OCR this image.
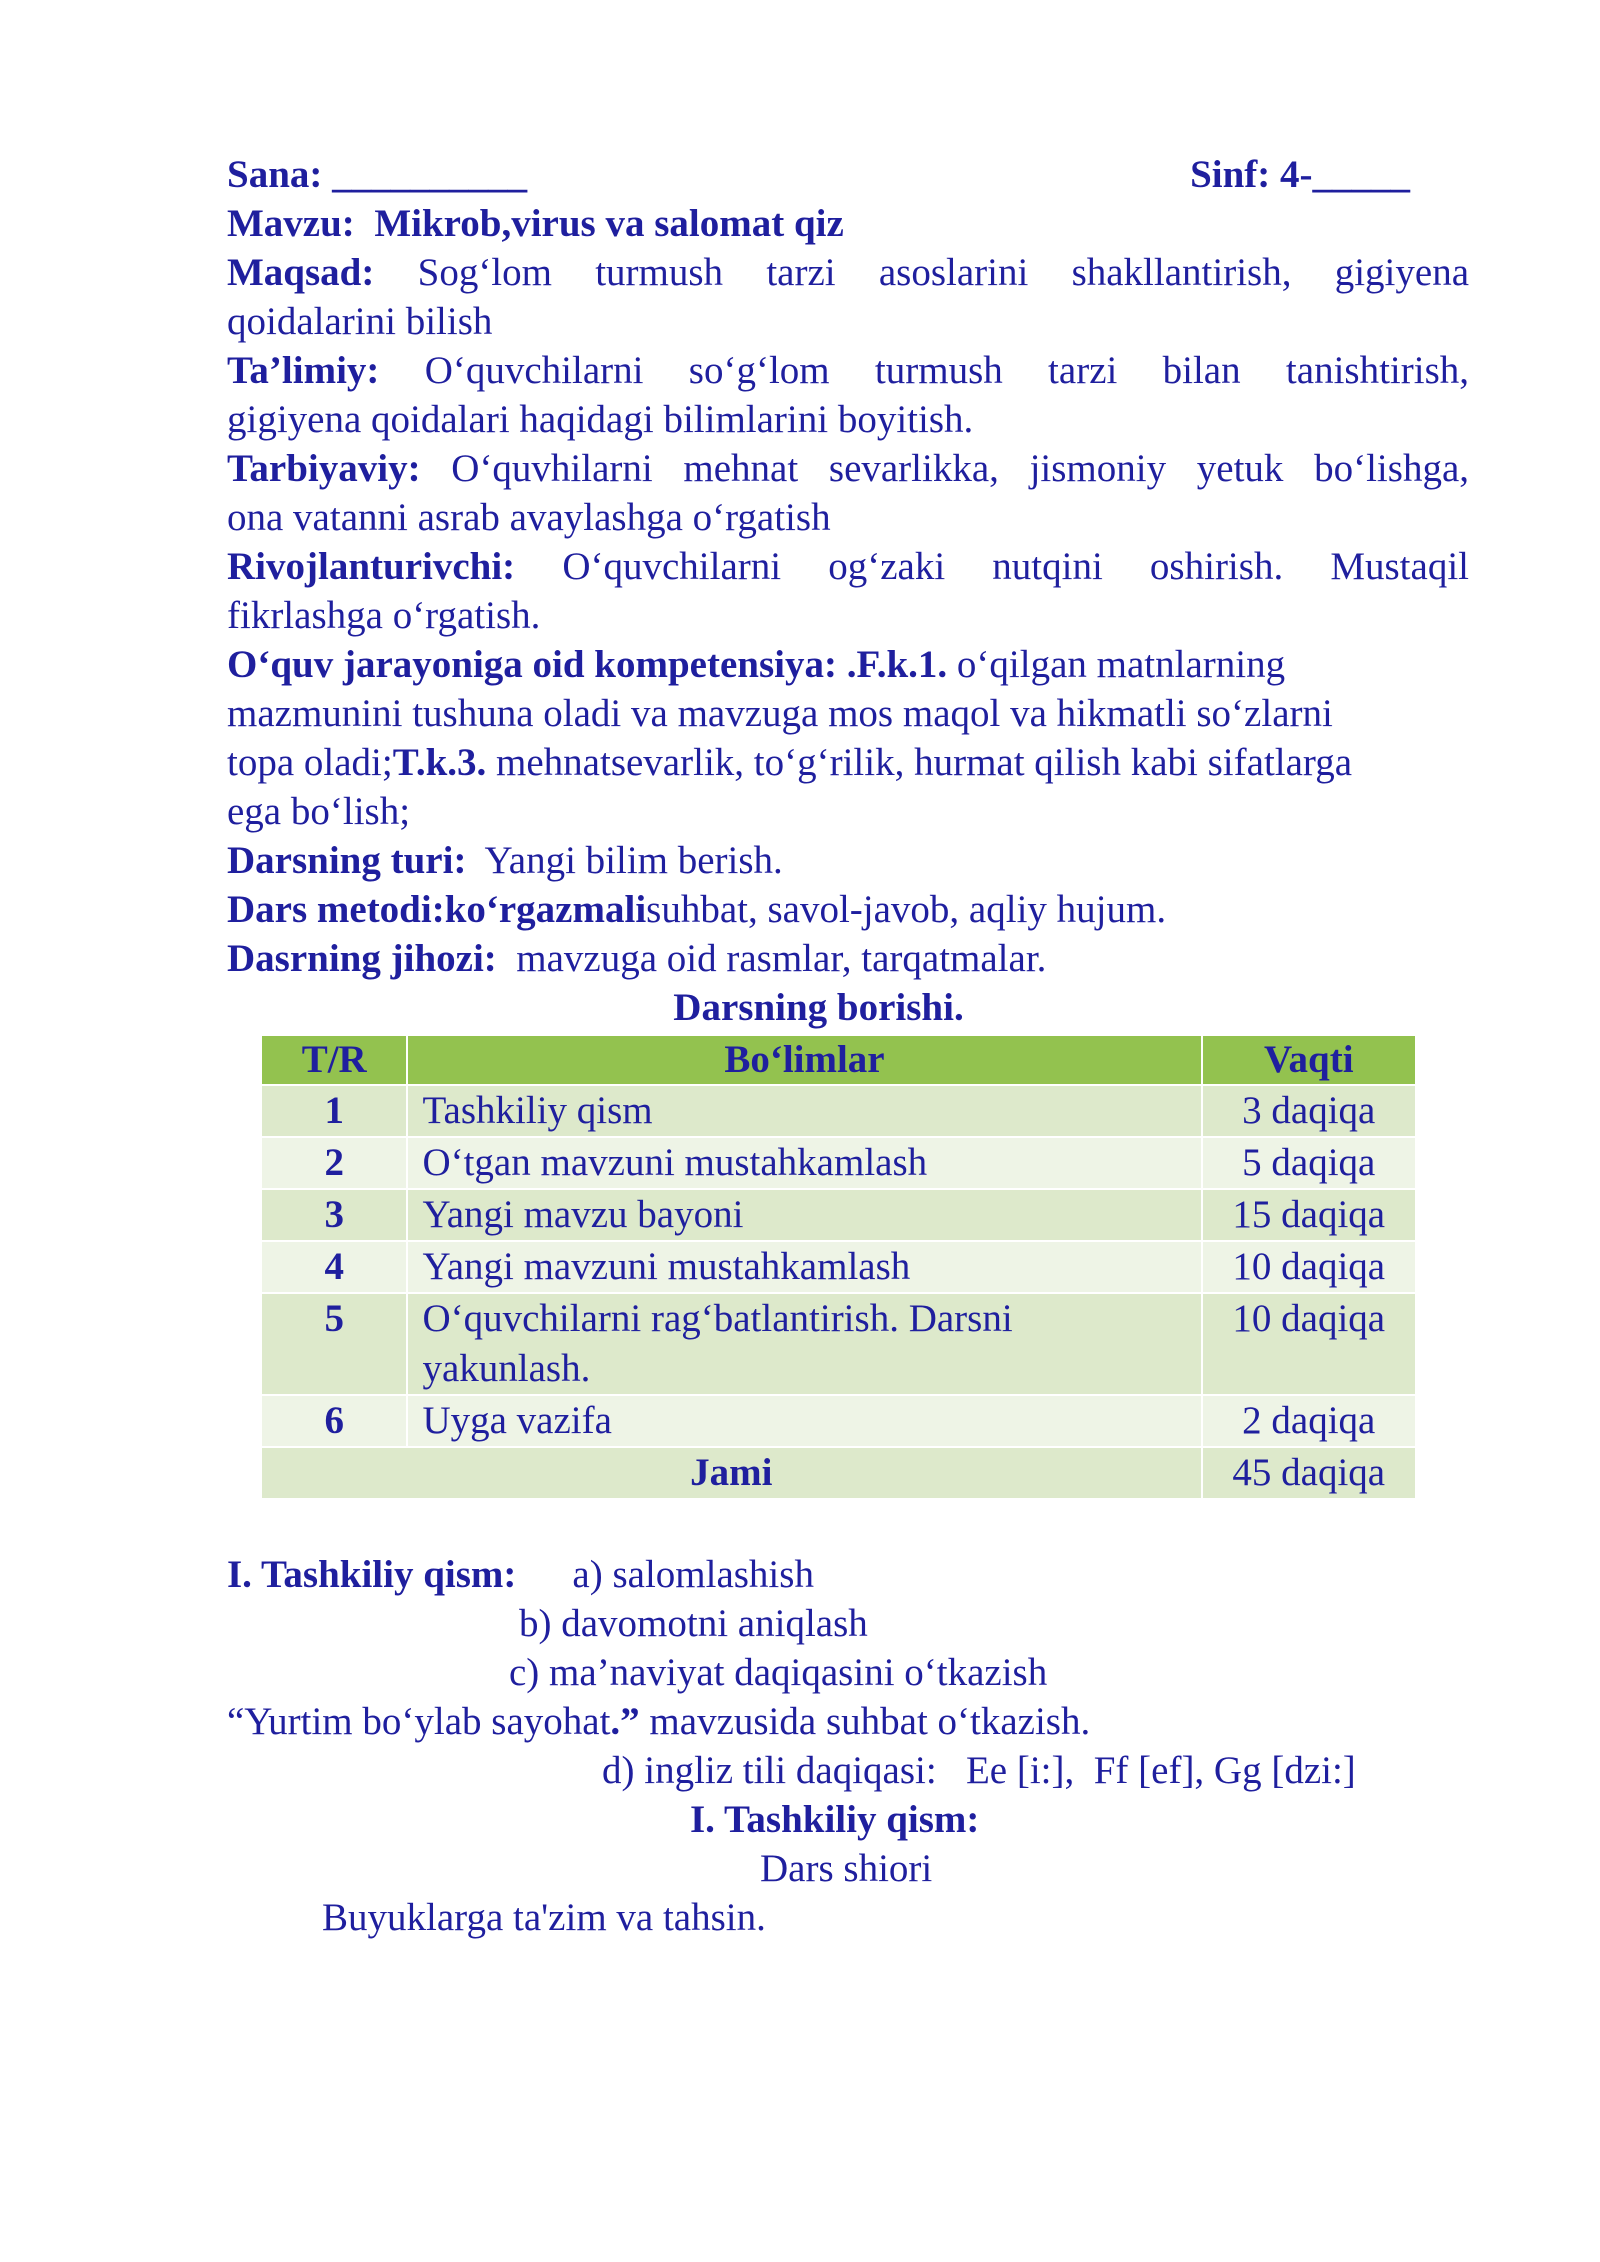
Sana: __________	Sinf: 4-_____
Mavzu: Mikrob,virus va salomat qiz
Maqsad: Sog‘lom turmush tarzi asoslarini shakllantirish, gigiyena
qoidalarini bilish
Ta’limiy: O‘quvchilarni so‘g‘lom turmush tarzi bilan tanishtirish,
gigiyena qoidalari haqidagi bilimlarini boyitish.
Tarbiyaviy: O‘quvhilarni mehnat sevarlikka, jismoniy yetuk bo‘lishga,
ona vatanni asrab avaylashga o‘rgatish
Rivojlanturivchi: O‘quvchilarni og‘zaki nutqini oshirish. Mustaqil
fikrlashga o‘rgatish.
O‘quv jarayoniga oid kompetensiya: .F.k.1. o‘qilgan matnlarning
mazmunini tushuna oladi va mavzuga mos maqol va hikmatli so‘zlarni
topa oladi;T.k.3. mehnatsevarlik, to‘g‘rilik, hurmat qilish kabi sifatlarga
ega bo‘lish;
Darsning turi: Yangi bilim berish.
Dars metodi:ko‘rgazmalisuhbat, savol-javob, aqliy hujum.
Dasrning jihozi: mavzuga oid rasmlar, tarqatmalar.
Darsning borishi.
T/R	Bo‘limlar	Vaqti
1	Tashkiliy qism	3 daqiqa
2	O‘tgan mavzuni mustahkamlash	5 daqiqa
3	Yangi mavzu bayoni	15 daqiqa
4	Yangi mavzuni mustahkamlash	10 daqiqa
5	O‘quvchilarni rag‘batlantirish. Darsni yakunlash.	10 daqiqa
6	Uyga vazifa	2 daqiqa
Jami		45 daqiqa
I. Tashkiliy qism: a) salomlashish
b) davomotni aniqlash
c) ma’naviyat daqiqasini o‘tkazish
“Yurtim bo‘ylab sayohat.” mavzusida suhbat o‘tkazish.
d) ingliz tili daqiqasi:   Ee [i:],  Ff [ef], Gg [dzi:]
I. Tashkiliy qism:
Dars shiori
Buyuklarga ta'zim va tahsin.
